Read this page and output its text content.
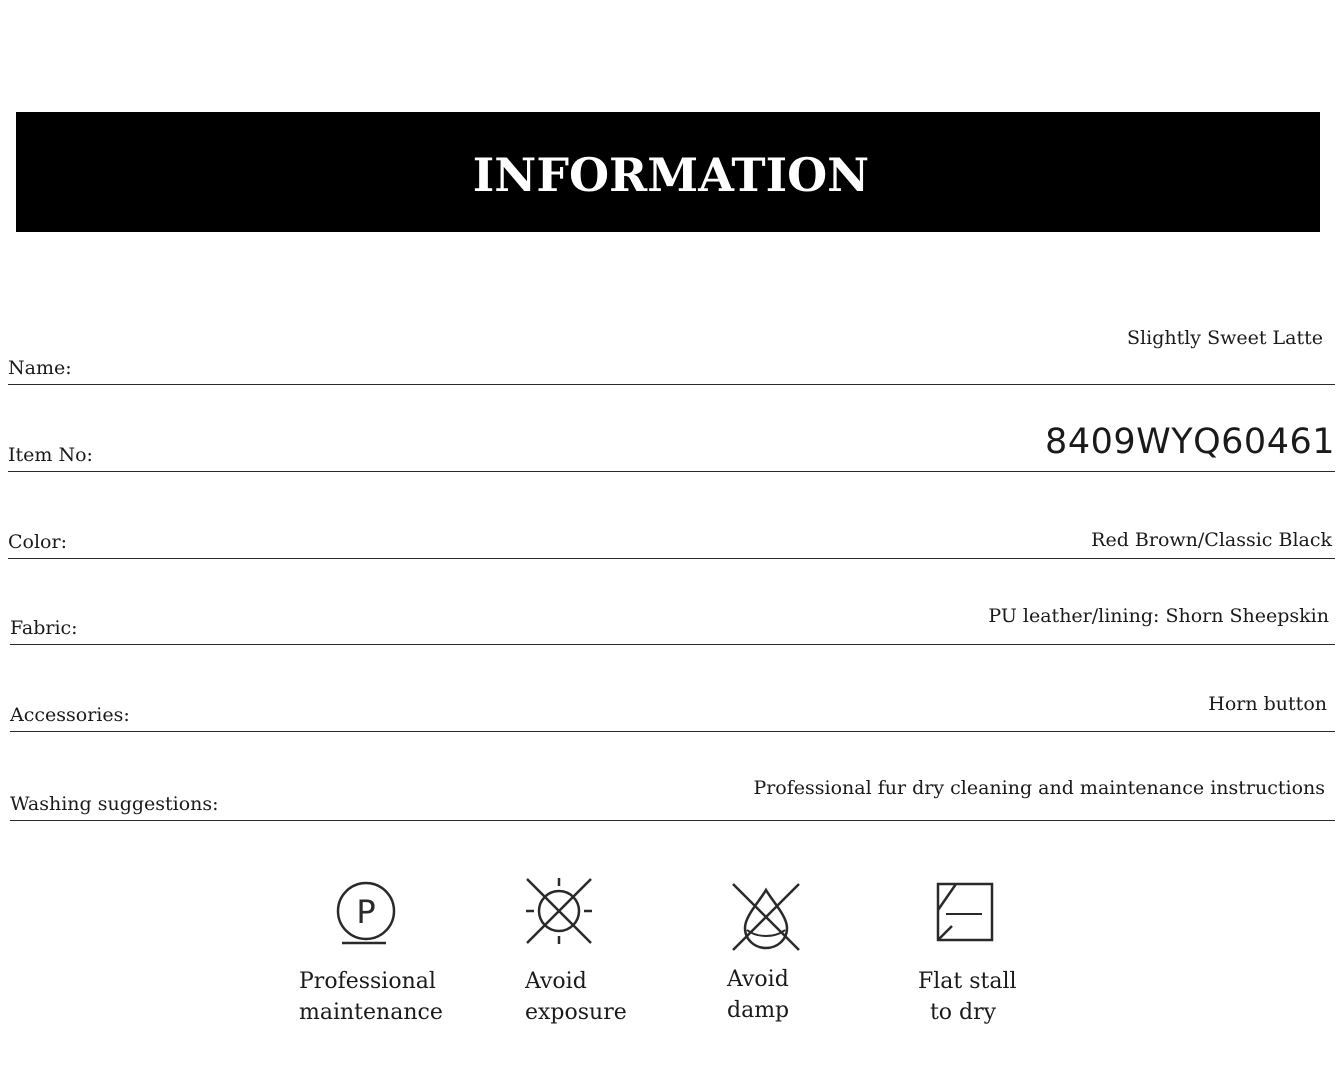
INFORMATION
Name:
Slightly Sweet Latte
Item No:	8409WYQ60461
Color:	Red Brown/Classic Black
Fabric:
PU leather/lining: Shorn Sheepskin
Accessories:	Horn button
Washing suggestions:
Professional fur dry cleaning and maintenance instructions
P
Professional
maintenance
Avoid
exposure
Avoid
damp
Flat stall
to dry
